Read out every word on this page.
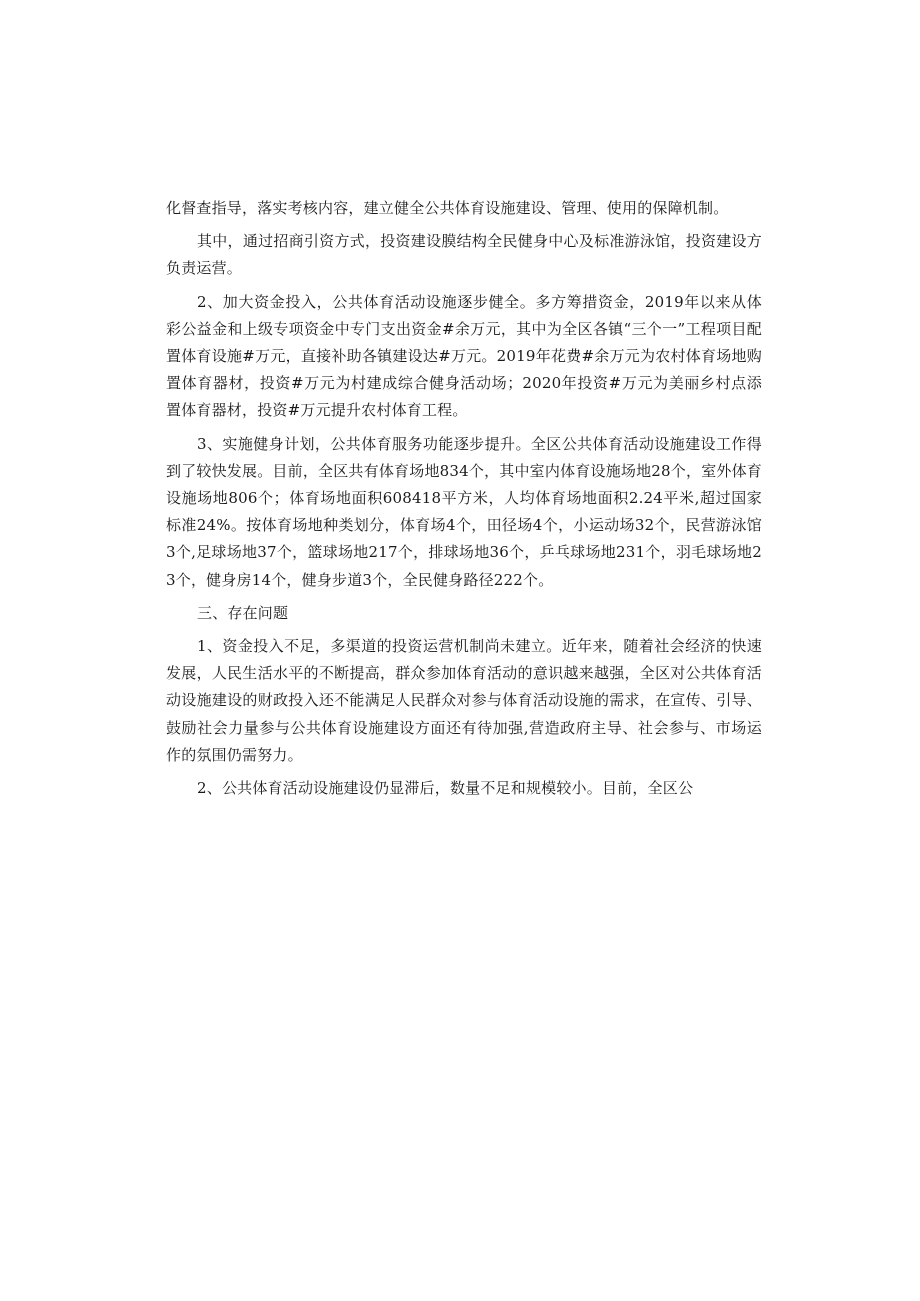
化督查指导，落实考核内容，建立健全公共体育设施建设、管理、使用的保障机制。

其中，通过招商引资方式，投资建设膜结构全民健身中心及标准游泳馆，投资建设方负责运营。

2、加大资金投入，公共体育活动设施逐步健全。多方筹措资金，2019年以来从体彩公益金和上级专项资金中专门支出资金#余万元，其中为全区各镇“三个一”工程项目配置体育设施#万元，直接补助各镇建设达#万元。2019年花费#余万元为农村体育场地购置体育器材，投资#万元为村建成综合健身活动场；2020年投资#万元为美丽乡村点添置体育器材，投资#万元提升农村体育工程。

3、实施健身计划，公共体育服务功能逐步提升。全区公共体育活动设施建设工作得到了较快发展。目前，全区共有体育场地834个，其中室内体育设施场地28个，室外体育设施场地806个；体育场地面积608418平方米，人均体育场地面积2.24平米,超过国家标准24%。按体育场地种类划分，体育场4个，田径场4个，小运动场32个，民营游泳馆3个,足球场地37个，篮球场地217个，排球场地36个，乒乓球场地231个，羽毛球场地23个，健身房14个，健身步道3个，全民健身路径222个。

三、存在问题

1、资金投入不足，多渠道的投资运营机制尚未建立。近年来，随着社会经济的快速发展，人民生活水平的不断提高，群众参加体育活动的意识越来越强，全区对公共体育活动设施建设的财政投入还不能满足人民群众对参与体育活动设施的需求，在宣传、引导、鼓励社会力量参与公共体育设施建设方面还有待加强,营造政府主导、社会参与、市场运作的氛围仍需努力。

2、公共体育活动设施建设仍显滞后，数量不足和规模较小。目前，全区公
